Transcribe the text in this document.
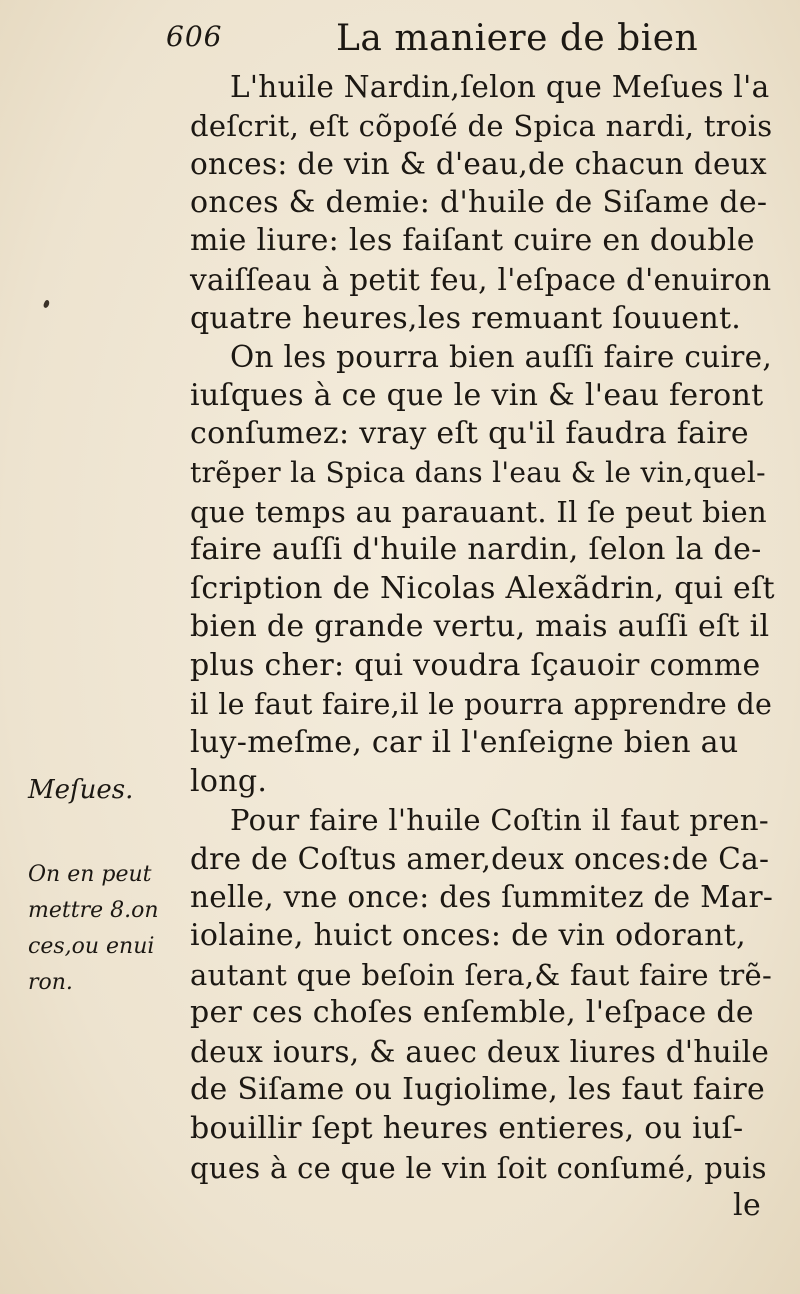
606	La maniere de bien
L'huile Nardin,ſelon que Meſues l'a
deſcrit, eſt cõpoſé de Spica nardi, trois
onces: de vin & d'eau,de chacun deux
onces & demie: d'huile de Siſame de-
mie liure: les faiſant cuire en double
vaiſſeau à petit feu, l'eſpace d'enuiron
quatre heures,les remuant ſouuent.
On les pourra bien auſſi faire cuire,
iuſques à ce que le vin & l'eau feront
conſumez: vray eſt qu'il faudra faire
trẽper la Spica dans l'eau & le vin,quel-
que temps au parauant. Il ſe peut bien
faire auſſi d'huile nardin, ſelon la de-
ſcription de Nicolas Alexãdrin, qui eſt
bien de grande vertu, mais auſſi eſt il
plus cher: qui voudra ſçauoir comme
il le faut faire,il le pourra apprendre de
luy-meſme, car il l'enſeigne bien au
long.
Pour faire l'huile Coſtin il faut pren-
dre de Coſtus amer,deux onces:de Ca-
nelle, vne once: des ſummitez de Mar-
iolaine, huict onces: de vin odorant,
autant que beſoin ſera,& faut faire trẽ-
per ces choſes enſemble, l'eſpace de
deux iours, & auec deux liures d'huile
de Siſame ou Iugiolime, les faut faire
bouillir ſept heures entieres, ou iuſ-
ques à ce que le vin ſoit conſumé, puis
le
Meſues.
On en peut
mettre 8.on
ces,ou enui
ron.
